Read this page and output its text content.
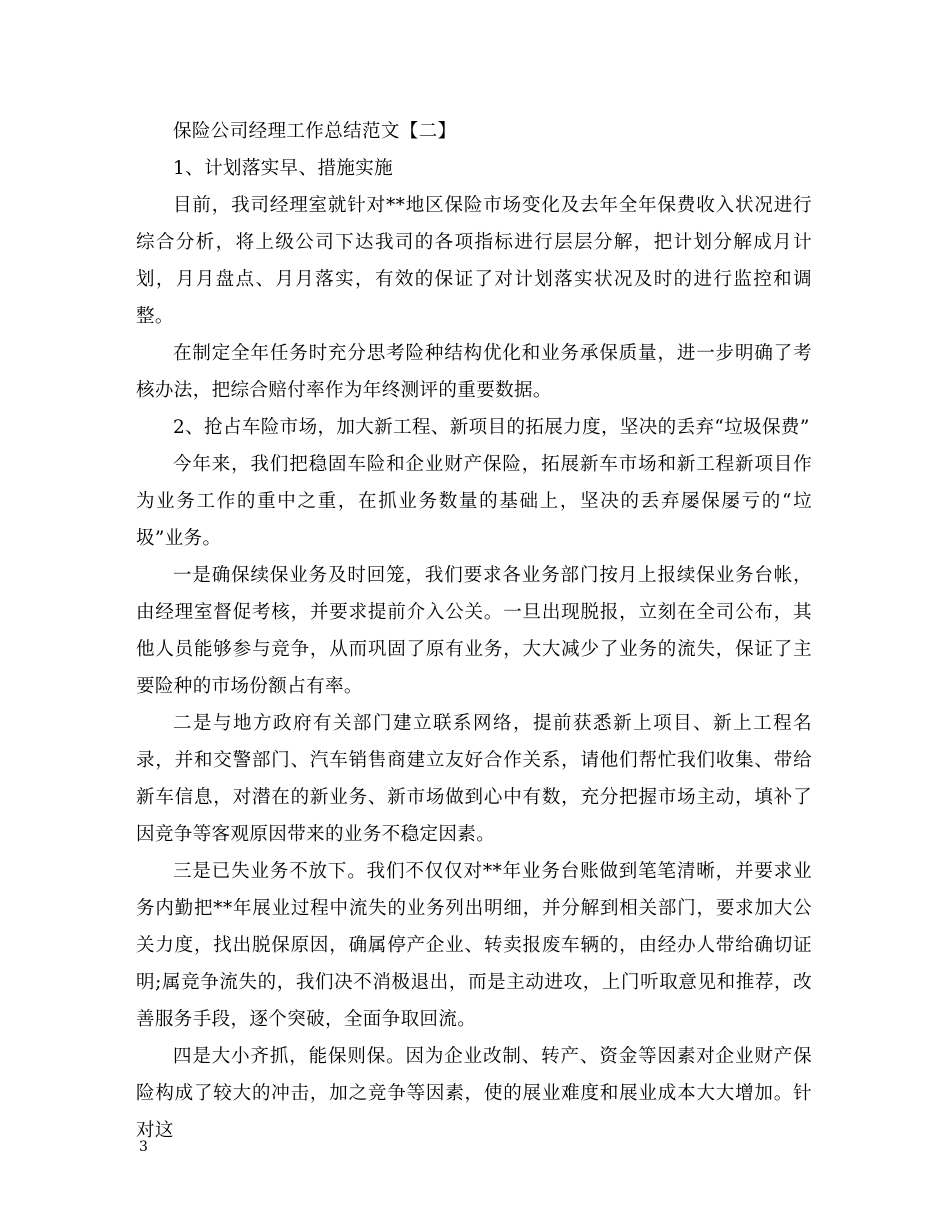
保险公司经理工作总结范文【二】

1、计划落实早、措施实施

目前，我司经理室就针对**地区保险市场变化及去年全年保费收入状况进行综合分析，将上级公司下达我司的各项指标进行层层分解，把计划分解成月计划，月月盘点、月月落实，有效的保证了对计划落实状况及时的进行监控和调整。

在制定全年任务时充分思考险种结构优化和业务承保质量，进一步明确了考核办法，把综合赔付率作为年终测评的重要数据。

2、抢占车险市场，加大新工程、新项目的拓展力度，坚决的丢弃“垃圾保费”

今年来，我们把稳固车险和企业财产保险，拓展新车市场和新工程新项目作为业务工作的重中之重，在抓业务数量的基础上，坚决的丢弃屡保屡亏的“垃圾”业务。

一是确保续保业务及时回笼，我们要求各业务部门按月上报续保业务台帐，由经理室督促考核，并要求提前介入公关。一旦出现脱报，立刻在全司公布，其他人员能够参与竞争，从而巩固了原有业务，大大减少了业务的流失，保证了主要险种的市场份额占有率。

二是与地方政府有关部门建立联系网络，提前获悉新上项目、新上工程名录，并和交警部门、汽车销售商建立友好合作关系，请他们帮忙我们收集、带给新车信息，对潜在的新业务、新市场做到心中有数，充分把握市场主动，填补了因竞争等客观原因带来的业务不稳定因素。

三是已失业务不放下。我们不仅仅对**年业务台账做到笔笔清晰，并要求业务内勤把**年展业过程中流失的业务列出明细，并分解到相关部门，要求加大公关力度，找出脱保原因，确属停产企业、转卖报废车辆的，由经办人带给确切证明;属竞争流失的，我们决不消极退出，而是主动进攻，上门听取意见和推荐，改善服务手段，逐个突破，全面争取回流。

四是大小齐抓，能保则保。因为企业改制、转产、资金等因素对企业财产保险构成了较大的冲击，加之竞争等因素，使的展业难度和展业成本大大增加。针对这

3
